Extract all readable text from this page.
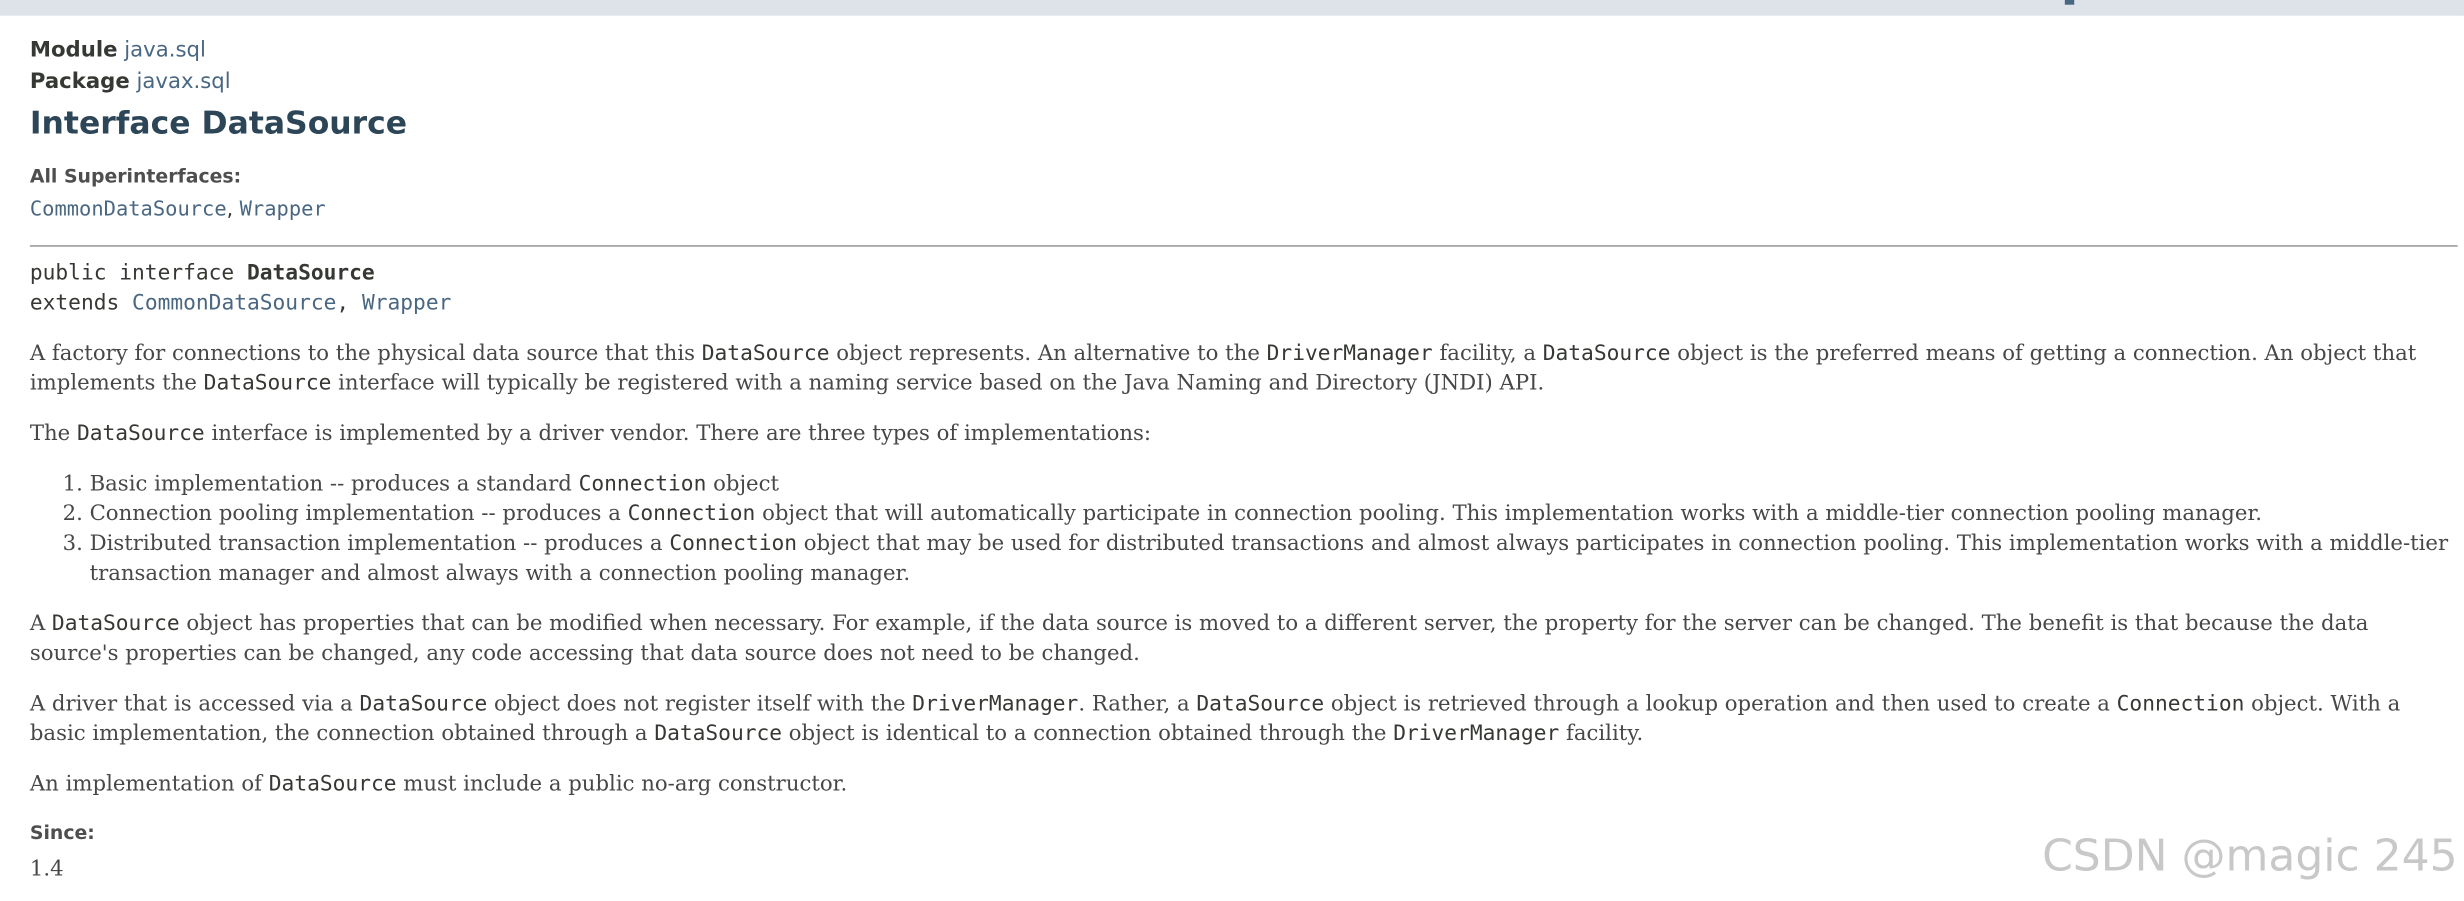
Module java.sql
Package javax.sql
Interface DataSource
All Superinterfaces:
CommonDataSource, Wrapper
public interface DataSource
extends CommonDataSource, Wrapper

A factory for connections to the physical data source that this DataSource object represents. An alternative to the DriverManager facility, a DataSource object is the preferred means of getting a connection. An object that implements the DataSource interface will typically be registered with a naming service based on the Java Naming and Directory (JNDI) API.

The DataSource interface is implemented by a driver vendor. There are three types of implementations:

1. Basic implementation -- produces a standard Connection object
2. Connection pooling implementation -- produces a Connection object that will automatically participate in connection pooling. This implementation works with a middle-tier connection pooling manager.
3. Distributed transaction implementation -- produces a Connection object that may be used for distributed transactions and almost always participates in connection pooling. This implementation works with a middle-tier transaction manager and almost always with a connection pooling manager.

A DataSource object has properties that can be modified when necessary. For example, if the data source is moved to a different server, the property for the server can be changed. The benefit is that because the data source's properties can be changed, any code accessing that data source does not need to be changed.

A driver that is accessed via a DataSource object does not register itself with the DriverManager. Rather, a DataSource object is retrieved through a lookup operation and then used to create a Connection object. With a basic implementation, the connection obtained through a DataSource object is identical to a connection obtained through the DriverManager facility.

An implementation of DataSource must include a public no-arg constructor.

Since:
1.4	CSDN @magic 245
